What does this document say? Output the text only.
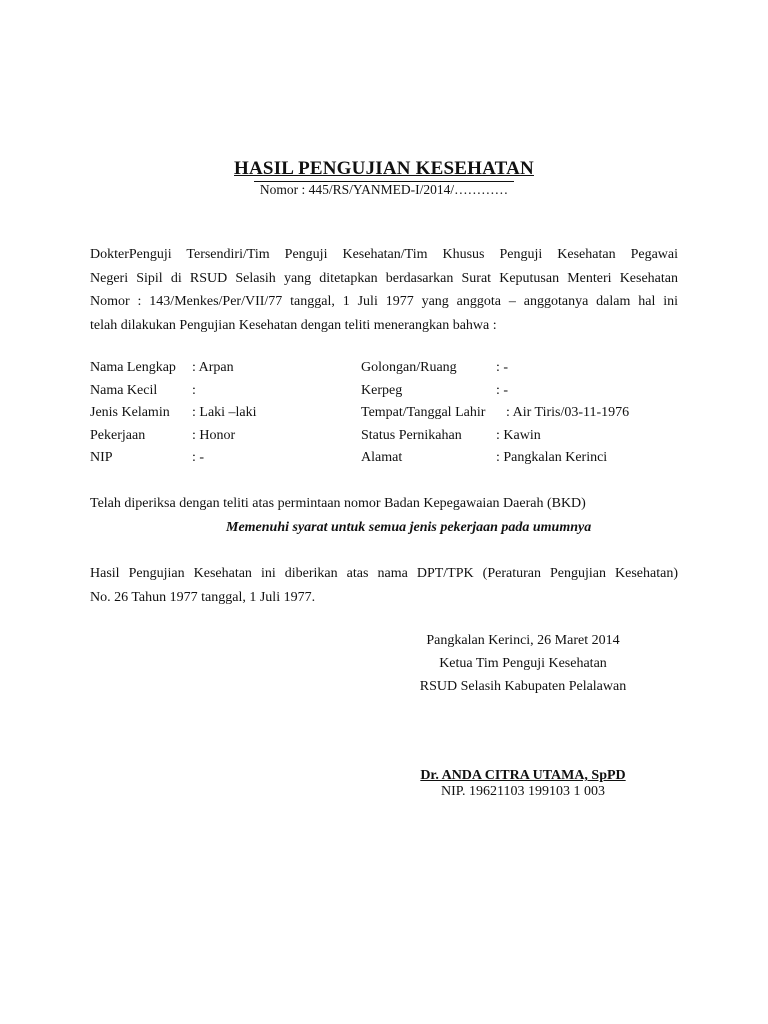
HASIL PENGUJIAN KESEHATAN
Nomor : 445/RS/YANMED-I/2014/…………
DokterPenguji Tersendiri/Tim Penguji Kesehatan/Tim Khusus Penguji Kesehatan Pegawai
Negeri Sipil di RSUD Selasih yang ditetapkan berdasarkan Surat Keputusan Menteri Kesehatan
Nomor : 143/Menkes/Per/VII/77 tanggal, 1 Juli 1977 yang anggota – anggotanya dalam hal ini
telah dilakukan Pengujian Kesehatan dengan teliti menerangkan bahwa :
Nama Lengkap : Arpan	Golongan/Ruang	: -
Nama Kecil :	Kerpeg	: -
Jenis Kelamin : Laki –laki	Tempat/Tanggal Lahir : Air Tiris/03-11-1976
Pekerjaan	: Honor	Status Pernikahan : Kawin
NIP	: -	Alamat	: Pangkalan Kerinci
Telah diperiksa dengan teliti atas permintaan nomor Badan Kepegawaian Daerah (BKD)
Memenuhi syarat untuk semua jenis pekerjaan pada umumnya
Hasil Pengujian Kesehatan ini diberikan atas nama DPT/TPK (Peraturan Pengujian Kesehatan)
No. 26 Tahun 1977 tanggal, 1 Juli 1977.
Pangkalan Kerinci, 26 Maret 2014
Ketua Tim Penguji Kesehatan
RSUD Selasih Kabupaten Pelalawan
Dr. ANDA CITRA UTAMA, SpPD
NIP. 19621103 199103 1 003
